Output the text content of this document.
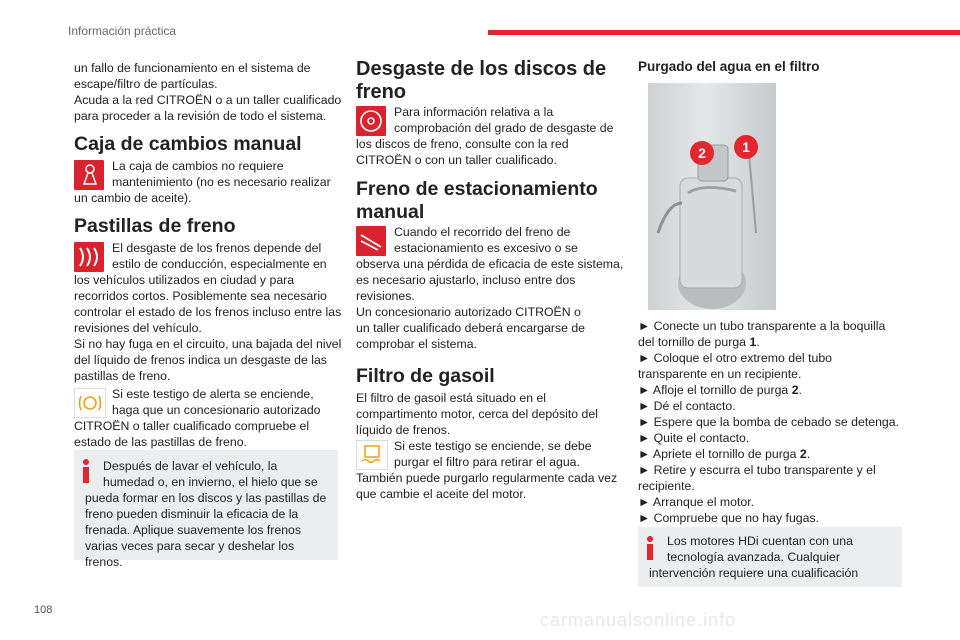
Información práctica
108	carmanualsonline.info

un fallo de funcionamiento en el sistema de

escape/filtro de partículas.

Acuda a la red CITROËN o a un taller cualificado

para proceder a la revisión de todo el sistema.

Caja de cambios manual

La caja de cambios no requiere

mantenimiento (no es necesario realizar

un cambio de aceite).

Pastillas de freno

El desgaste de los frenos depende del

estilo de conducción, especialmente en

los vehículos utilizados en ciudad y para

recorridos cortos. Posiblemente sea necesario

controlar el estado de los frenos incluso entre las

revisiones del vehículo.

Si no hay fuga en el circuito, una bajada del nivel

del líquido de frenos indica un desgaste de las

pastillas de freno.

Si este testigo de alerta se enciende,

haga que un concesionario autorizado

CITROËN o taller cualificado compruebe el

estado de las pastillas de freno.

Después de lavar el vehículo, la

humedad o, en invierno, el hielo que se

pueda formar en los discos y las pastillas de

freno pueden disminuir la eficacia de la

frenada. Aplique suavemente los frenos

varias veces para secar y deshelar los frenos.

Desgaste de los discos de
freno

Para información relativa a la

comprobación del grado de desgaste de

los discos de freno, consulte con la red

CITROËN o con un taller cualificado.

Freno de estacionamiento
manual

Cuando el recorrido del freno de

estacionamiento es excesivo o se

observa una pérdida de eficacia de este sistema,

es necesario ajustarlo, incluso entre dos

revisiones.

Un concesionario autorizado CITROËN o

un taller cualificado deberá encargarse de

comprobar el sistema.

Filtro de gasoil

El filtro de gasoil está situado en el

compartimento motor, cerca del depósito del

líquido de frenos.

Si este testigo se enciende, se debe

purgar el filtro para retirar el agua.

También puede purgarlo regularmente cada vez

que cambie el aceite del motor.

Purgado del agua en el filtro
1
2

► Conecte un tubo transparente a la boquilla

del tornillo de purga 1.

► Coloque el otro extremo del tubo

transparente en un recipiente.

► Afloje el tornillo de purga 2.

► Dé el contacto.

► Espere que la bomba de cebado se detenga.

► Quite el contacto.

► Apriete el tornillo de purga 2.

► Retire y escurra el tubo transparente y el

recipiente.

► Arranque el motor.

► Compruebe que no hay fugas.

Los motores HDi cuentan con una

tecnología avanzada. Cualquier

intervención requiere una cualificación
